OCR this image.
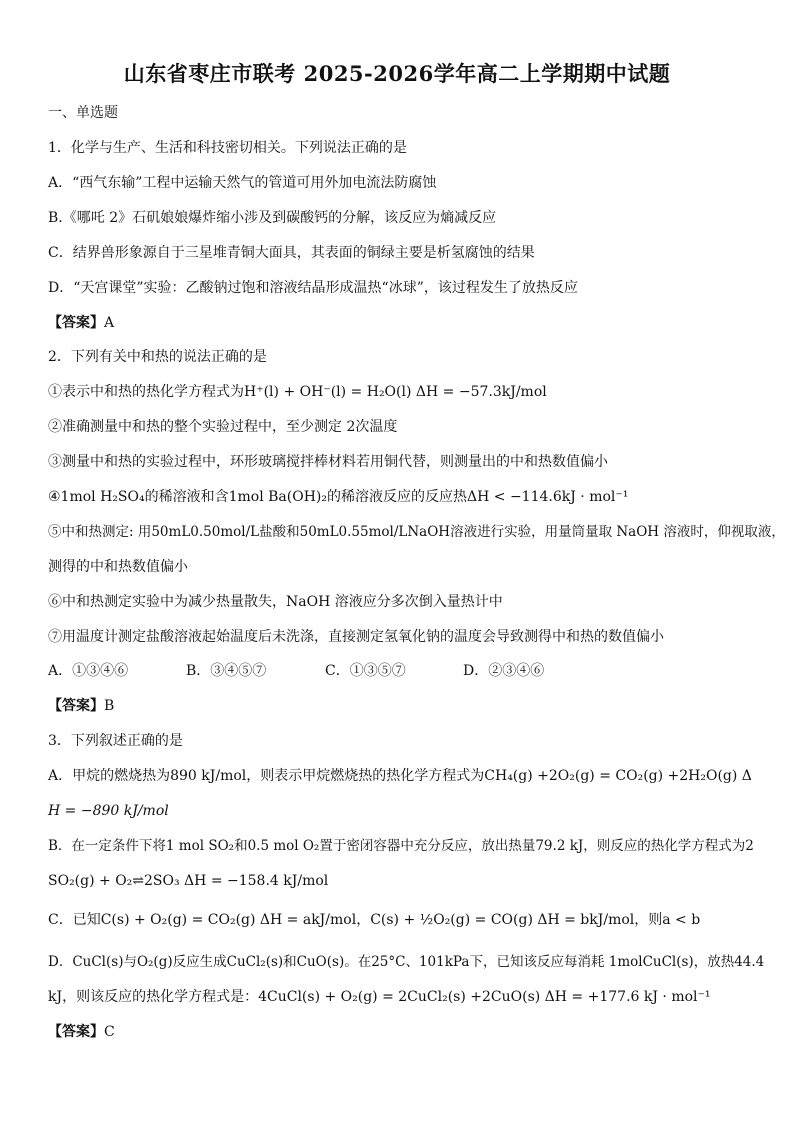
山东省枣庄市联考 2025-2026学年高二上学期期中试题
一、单选题
1．化学与生产、生活和科技密切相关。下列说法正确的是
A．“西气东输”工程中运输天然气的管道可用外加电流法防腐蚀
B.《哪吒 2》石矶娘娘爆炸缩小涉及到碳酸钙的分解，该反应为熵减反应
C．结界兽形象源自于三星堆青铜大面具，其表面的铜绿主要是析氢腐蚀的结果
D．“天宫课堂”实验：乙酸钠过饱和溶液结晶形成温热“冰球”，该过程发生了放热反应
【答案】A
2．下列有关中和热的说法正确的是
①表示中和热的热化学方程式为H⁺(l) + OH⁻(l) = H₂O(l) ΔH = −57.3kJ/mol
②准确测量中和热的整个实验过程中，至少测定 2次温度
③测量中和热的实验过程中，环形玻璃搅拌棒材料若用铜代替，则测量出的中和热数值偏小
④1mol H₂SO₄的稀溶液和含1mol Ba(OH)₂的稀溶液反应的反应热ΔH < −114.6kJ · mol⁻¹
⑤中和热测定: 用50mL0.50mol/L盐酸和50mL0.55mol/LNaOH溶液进行实验，用量筒量取 NaOH 溶液时，仰视取液，
测得的中和热数值偏小
⑥中和热测定实验中为减少热量散失，NaOH 溶液应分多次倒入量热计中
⑦用温度计测定盐酸溶液起始温度后未洗涤，直接测定氢氧化钠的温度会导致测得中和热的数值偏小
A．①③④⑥	B．③④⑤⑦	C．①③⑤⑦	D．②③④⑥
【答案】B
3．下列叙述正确的是
A．甲烷的燃烧热为890 kJ/mol，则表示甲烷燃烧热的热化学方程式为CH₄(g) +2O₂(g) = CO₂(g) +2H₂O(g) Δ
H = −890 kJ/mol
B．在一定条件下将1 mol SO₂和0.5 mol O₂置于密闭容器中充分反应，放出热量79.2 kJ，则反应的热化学方程式为2
SO₂(g) + O₂⇌2SO₃ ΔH = −158.4 kJ/mol
C．已知C(s) + O₂(g) = CO₂(g) ΔH = akJ/mol，C(s) + ½O₂(g) = CO(g) ΔH = bkJ/mol，则a < b
D．CuCl(s)与O₂(g)反应生成CuCl₂(s)和CuO(s)。在25°C、101kPa下，已知该反应每消耗 1molCuCl(s)，放热44.4
kJ，则该反应的热化学方程式是：4CuCl(s) + O₂(g) = 2CuCl₂(s) +2CuO(s) ΔH = +177.6 kJ · mol⁻¹
【答案】C
